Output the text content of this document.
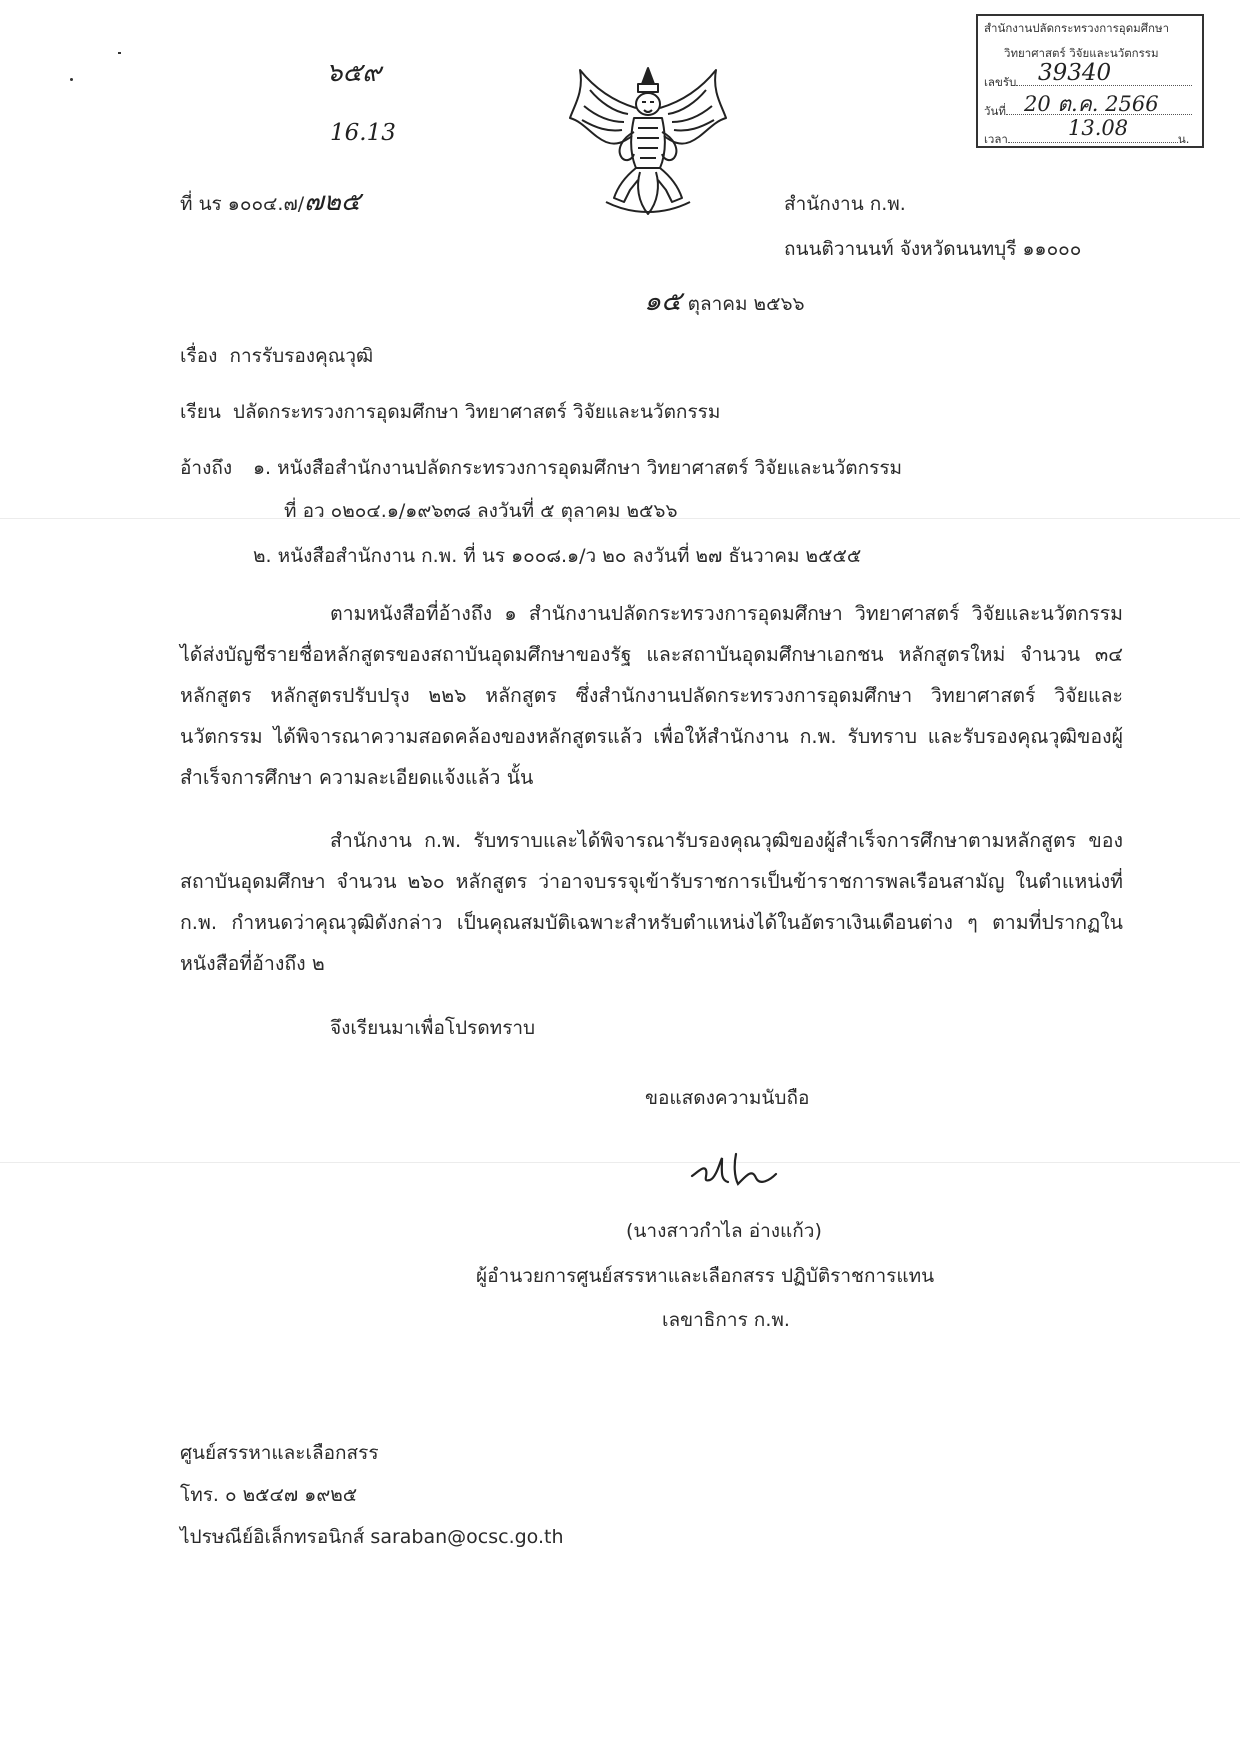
สำนักงานปลัดกระทรวงการอุดมศึกษา
วิทยาศาสตร์ วิจัยและนวัตกรรม
เลขรับ 39340
วันที่ 20 ต.ค. 2566
เวลา	น.
13.08
๖๕๙
16.13
ที่ นร ๑๐๐๔.๗/๗๒๕	สำนักงาน ก.พ.
ถนนติวานนท์ จังหวัดนนทบุรี ๑๑๐๐๐
๑๕ ตุลาคม ๒๕๖๖
เรื่อง การรับรองคุณวุฒิ
เรียน ปลัดกระทรวงการอุดมศึกษา วิทยาศาสตร์ วิจัยและนวัตกรรม
อ้างถึง ๑. หนังสือสำนักงานปลัดกระทรวงการอุดมศึกษา วิทยาศาสตร์ วิจัยและนวัตกรรม
ที่ อว ๐๒๐๔.๑/๑๙๖๓๘ ลงวันที่ ๕ ตุลาคม ๒๕๖๖
๒. หนังสือสำนักงาน ก.พ. ที่ นร ๑๐๐๘.๑/ว ๒๐ ลงวันที่ ๒๗ ธันวาคม ๒๕๕๕
ตามหนังสือที่อ้างถึง ๑ สำนักงานปลัดกระทรวงการอุดมศึกษา วิทยาศาสตร์ วิจัยและนวัตกรรม ได้ส่งบัญชีรายชื่อหลักสูตรของสถาบันอุดมศึกษาของรัฐ และสถาบันอุดมศึกษาเอกชน หลักสูตรใหม่ จำนวน ๓๔ หลักสูตร หลักสูตรปรับปรุง ๒๒๖ หลักสูตร ซึ่งสำนักงานปลัดกระทรวงการอุดมศึกษา วิทยาศาสตร์ วิจัยและนวัตกรรม ได้พิจารณาความสอดคล้องของหลักสูตรแล้ว เพื่อให้สำนักงาน ก.พ. รับทราบ และรับรองคุณวุฒิของผู้สำเร็จการศึกษา ความละเอียดแจ้งแล้ว นั้น
สำนักงาน ก.พ. รับทราบและได้พิจารณารับรองคุณวุฒิของผู้สำเร็จการศึกษาตามหลักสูตร ของสถาบันอุดมศึกษา จำนวน ๒๖๐ หลักสูตร ว่าอาจบรรจุเข้ารับราชการเป็นข้าราชการพลเรือนสามัญ ในตำแหน่งที่ ก.พ. กำหนดว่าคุณวุฒิดังกล่าว เป็นคุณสมบัติเฉพาะสำหรับตำแหน่งได้ในอัตราเงินเดือนต่าง ๆ ตามที่ปรากฏในหนังสือที่อ้างถึง ๒
จึงเรียนมาเพื่อโปรดทราบ
ขอแสดงความนับถือ
(นางสาวกำไล อ่างแก้ว)
ผู้อำนวยการศูนย์สรรหาและเลือกสรร ปฏิบัติราชการแทน
เลขาธิการ ก.พ.
ศูนย์สรรหาและเลือกสรร
โทร. ๐ ๒๕๔๗ ๑๙๒๕
ไปรษณีย์อิเล็กทรอนิกส์ saraban@ocsc.go.th
